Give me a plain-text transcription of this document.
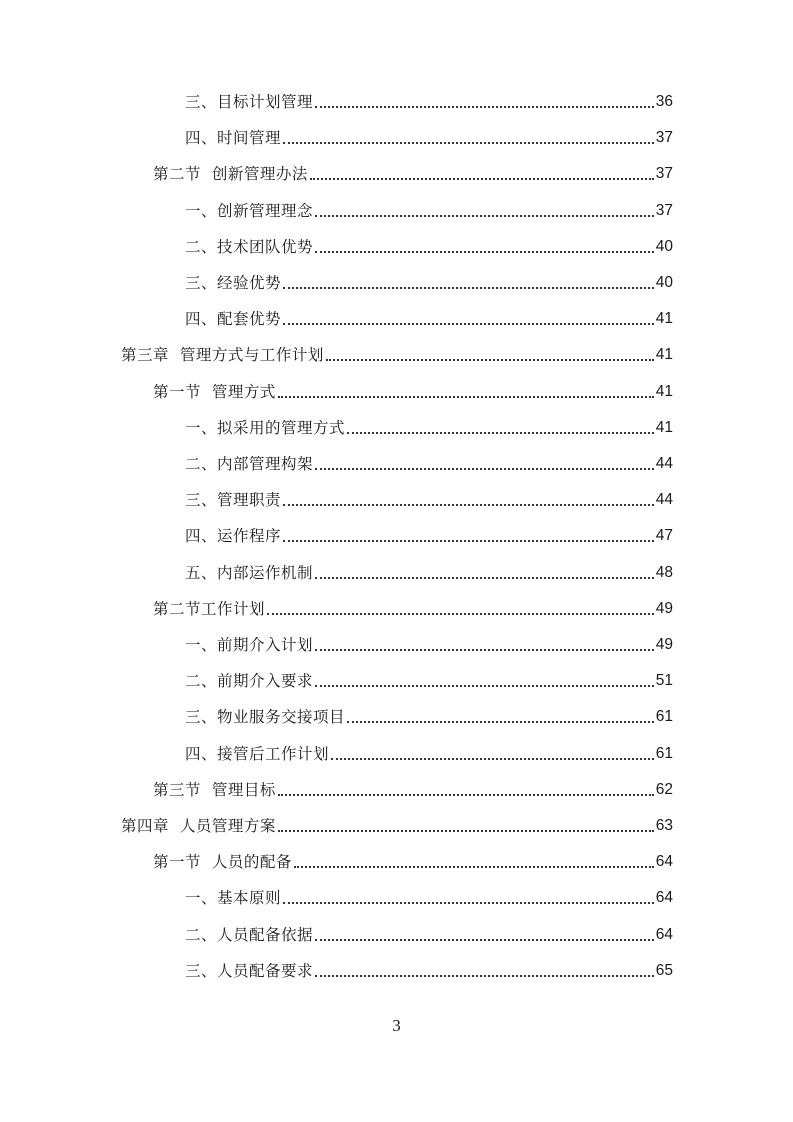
三、目标计划管理	36
四、时间管理	37
第二节  创新管理办法	37
一、创新管理理念	37
二、技术团队优势	40
三、经验优势	40
四、配套优势	41
第三章  管理方式与工作计划	41
第一节  管理方式	41
一、拟采用的管理方式	41
二、内部管理构架	44
三、管理职责	44
四、运作程序	47
五、内部运作机制	48
第二节工作计划	49
一、前期介入计划	49
二、前期介入要求	51
三、物业服务交接项目	61
四、接管后工作计划	61
第三节  管理目标	62
第四章  人员管理方案	63
第一节  人员的配备	64
一、基本原则	64
二、人员配备依据	64
三、人员配备要求	65
3
